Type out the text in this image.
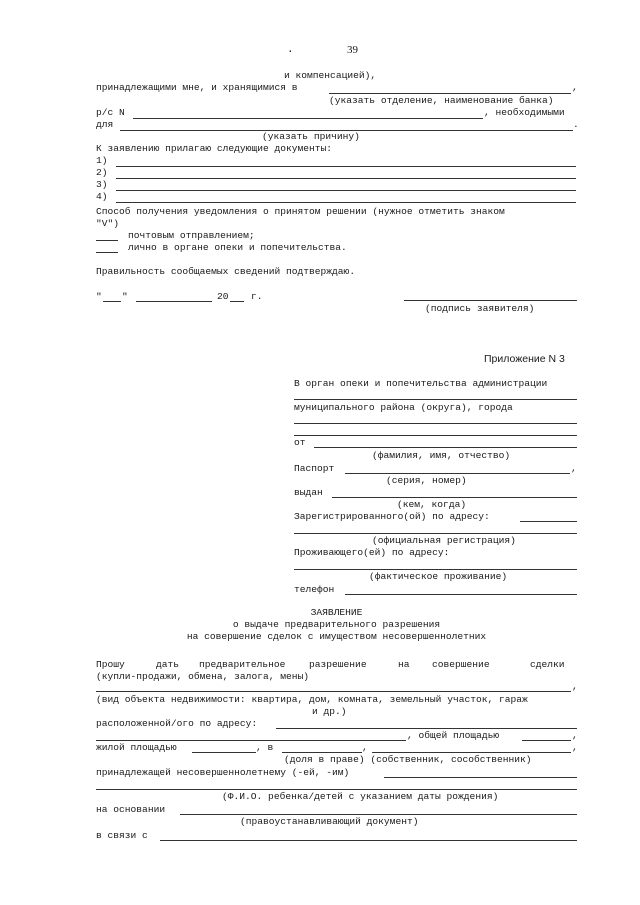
.	39
и компенсацией),
принадлежащими мне, и хранящимися в	,
(указать отделение, наименование банка)
р/с N	, необходимыми
для	.
(указать причину)
К заявлению прилагаю следующие документы:
1)
2)
3)
4)
Способ получения уведомления о принятом решении (нужное отметить знаком
"V")
почтовым отправлением;
лично в органе опеки и попечительства.
Правильность сообщаемых сведений подтверждаю.
" "	20 г.
(подпись заявителя)
Приложение N 3
В орган опеки и попечительства администрации
муниципального района (округа), города
от
(фамилия, имя, отчество)
Паспорт	,
(серия, номер)
выдан
(кем, когда)
Зарегистрированного(ой) по адресу:
(официальная регистрация)
Проживающего(ей) по адресу:
(фактическое проживание)
телефон
ЗАЯВЛЕНИЕ
о выдаче предварительного разрешения
на совершение сделок с имуществом несовершеннолетних
Прошу	дать предварительное разрешение	на совершение	сделки
(купли-продажи, обмена, залога, мены)
,
(вид объекта недвижимости: квартира, дом, комната, земельный участок, гараж
и др.)
расположенной/ого по адресу:
, общей площадью	,
жилой площадью	, в	,	,
(доля в праве) (собственник, сособственник)
принадлежащей несовершеннолетнему (-ей, -им)
(Ф.И.О. ребенка/детей с указанием даты рождения)
на основании
(правоустанавливающий документ)
в связи с
